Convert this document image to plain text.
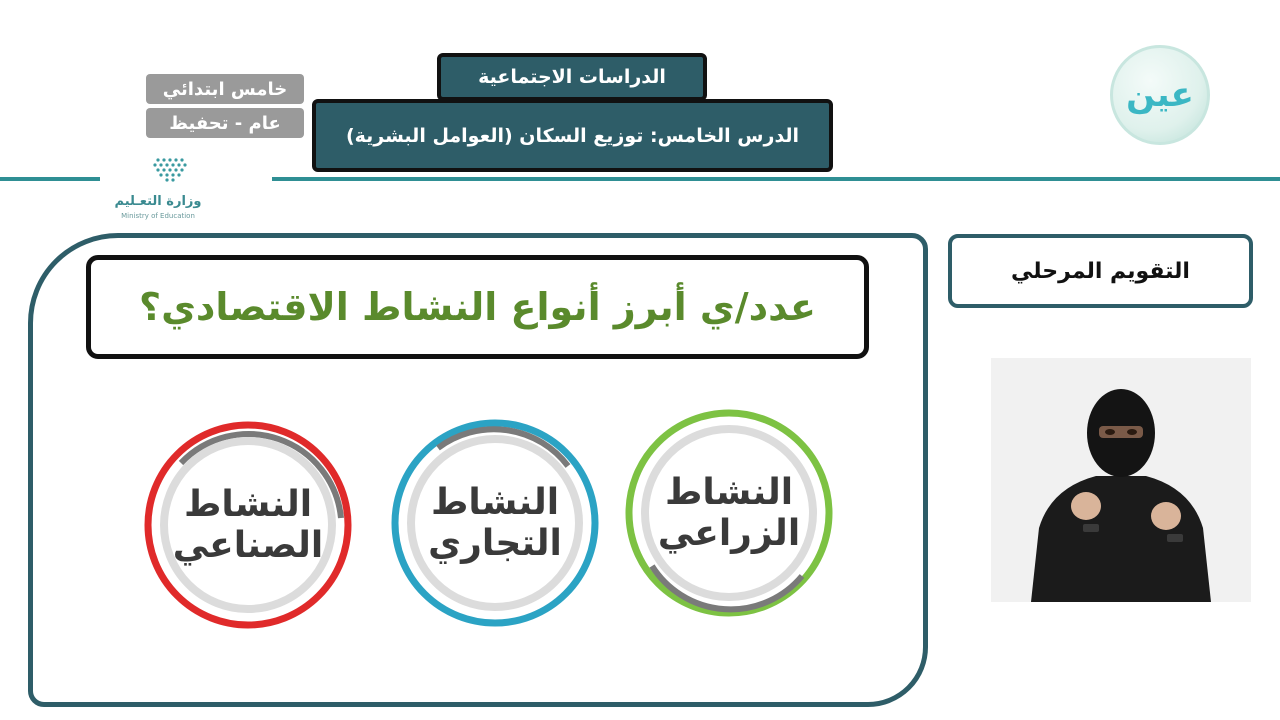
خامس ابتدائي
عام - تحفيظ
وزارة التعـليم
Ministry of Education
الدراسات الاجتماعية
الدرس الخامس: توزيع السكان (العوامل البشرية)
عين
التقويم المرحلي
عدد/ي أبرز أنواع النشاط الاقتصادي؟
النشاط
الزراعي
النشاط
التجاري
النشاط
الصناعي
